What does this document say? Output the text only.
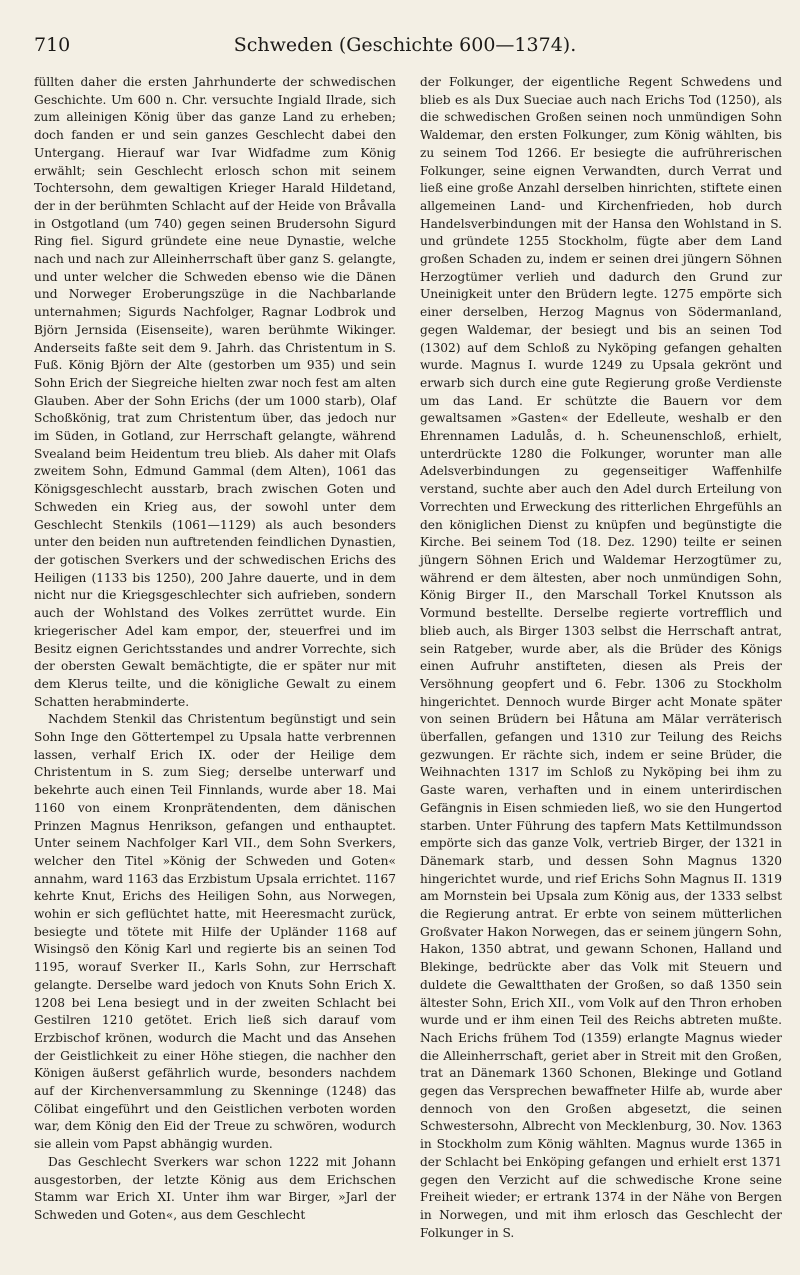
710	Schweden (Geschichte 600—1374).

füllten daher die ersten Jahrhunderte der schwedischen Geschichte. Um 600 n. Chr. versuchte Ingiald Ilrade, sich zum alleinigen König über das ganze Land zu erheben; doch fanden er und sein ganzes Geschlecht dabei den Untergang. Hierauf war Ivar Widfadme zum König erwählt; sein Geschlecht erlosch schon mit seinem Tochtersohn, dem gewaltigen Krieger Harald Hildetand, der in der berühmten Schlacht auf der Heide von Bråvalla in Ostgotland (um 740) gegen seinen Brudersohn Sigurd Ring fiel. Sigurd gründete eine neue Dynastie, welche nach und nach zur Alleinherrschaft über ganz S. gelangte, und unter welcher die Schweden ebenso wie die Dänen und Norweger Eroberungszüge in die Nachbarlande unternahmen; Sigurds Nachfolger, Ragnar Lodbrok und Björn Jernsida (Eisenseite), waren berühmte Wikinger. Anderseits faßte seit dem 9. Jahrh. das Christentum in S. Fuß. König Björn der Alte (gestorben um 935) und sein Sohn Erich der Siegreiche hielten zwar noch fest am alten Glauben. Aber der Sohn Erichs (der um 1000 starb), Olaf Schoßkönig, trat zum Christentum über, das jedoch nur im Süden, in Gotland, zur Herrschaft gelangte, während Svealand beim Heidentum treu blieb. Als daher mit Olafs zweitem Sohn, Edmund Gammal (dem Alten), 1061 das Königsgeschlecht ausstarb, brach zwischen Goten und Schweden ein Krieg aus, der sowohl unter dem Geschlecht Stenkils (1061—1129) als auch besonders unter den beiden nun auftretenden feindlichen Dynastien, der gotischen Sverkers und der schwedischen Erichs des Heiligen (1133 bis 1250), 200 Jahre dauerte, und in dem nicht nur die Kriegsgeschlechter sich aufrieben, sondern auch der Wohlstand des Volkes zerrüttet wurde. Ein kriegerischer Adel kam empor, der, steuerfrei und im Besitz eignen Gerichtsstandes und andrer Vorrechte, sich der obersten Gewalt bemächtigte, die er später nur mit dem Klerus teilte, und die königliche Gewalt zu einem Schatten herabminderte.

Nachdem Stenkil das Christentum begünstigt und sein Sohn Inge den Göttertempel zu Upsala hatte verbrennen lassen, verhalf Erich IX. oder der Heilige dem Christentum in S. zum Sieg; derselbe unterwarf und bekehrte auch einen Teil Finnlands, wurde aber 18. Mai 1160 von einem Kronprätendenten, dem dänischen Prinzen Magnus Henrikson, gefangen und enthauptet. Unter seinem Nachfolger Karl VII., dem Sohn Sverkers, welcher den Titel »König der Schweden und Goten« annahm, ward 1163 das Erzbistum Upsala errichtet. 1167 kehrte Knut, Erichs des Heiligen Sohn, aus Norwegen, wohin er sich geflüchtet hatte, mit Heeresmacht zurück, besiegte und tötete mit Hilfe der Upländer 1168 auf Wisingsö den König Karl und regierte bis an seinen Tod 1195, worauf Sverker II., Karls Sohn, zur Herrschaft gelangte. Derselbe ward jedoch von Knuts Sohn Erich X. 1208 bei Lena besiegt und in der zweiten Schlacht bei Gestilren 1210 getötet. Erich ließ sich darauf vom Erzbischof krönen, wodurch die Macht und das Ansehen der Geistlichkeit zu einer Höhe stiegen, die nachher den Königen äußerst gefährlich wurde, besonders nachdem auf der Kirchenversammlung zu Skenninge (1248) das Cölibat eingeführt und den Geistlichen verboten worden war, dem König den Eid der Treue zu schwören, wodurch sie allein vom Papst abhängig wurden.

Das Geschlecht Sverkers war schon 1222 mit Johann ausgestorben, der letzte König aus dem Erichschen Stamm war Erich XI. Unter ihm war Birger, »Jarl der Schweden und Goten«, aus dem Geschlecht

der Folkunger, der eigentliche Regent Schwedens und blieb es als Dux Sueciae auch nach Erichs Tod (1250), als die schwedischen Großen seinen noch unmündigen Sohn Waldemar, den ersten Folkunger, zum König wählten, bis zu seinem Tod 1266. Er besiegte die aufrührerischen Folkunger, seine eignen Verwandten, durch Verrat und ließ eine große Anzahl derselben hinrichten, stiftete einen allgemeinen Land- und Kirchenfrieden, hob durch Handelsverbindungen mit der Hansa den Wohlstand in S. und gründete 1255 Stockholm, fügte aber dem Land großen Schaden zu, indem er seinen drei jüngern Söhnen Herzogtümer verlieh und dadurch den Grund zur Uneinigkeit unter den Brüdern legte. 1275 empörte sich einer derselben, Herzog Magnus von Södermanland, gegen Waldemar, der besiegt und bis an seinen Tod (1302) auf dem Schloß zu Nyköping gefangen gehalten wurde. Magnus I. wurde 1249 zu Upsala gekrönt und erwarb sich durch eine gute Regierung große Verdienste um das Land. Er schützte die Bauern vor dem gewaltsamen »Gasten« der Edelleute, weshalb er den Ehrennamen Ladulås, d. h. Scheunenschloß, erhielt, unterdrückte 1280 die Folkunger, worunter man alle Adelsverbindungen zu gegenseitiger Waffenhilfe verstand, suchte aber auch den Adel durch Erteilung von Vorrechten und Erweckung des ritterlichen Ehrgefühls an den königlichen Dienst zu knüpfen und begünstigte die Kirche. Bei seinem Tod (18. Dez. 1290) teilte er seinen jüngern Söhnen Erich und Waldemar Herzogtümer zu, während er dem ältesten, aber noch unmündigen Sohn, König Birger II., den Marschall Torkel Knutsson als Vormund bestellte. Derselbe regierte vortrefflich und blieb auch, als Birger 1303 selbst die Herrschaft antrat, sein Ratgeber, wurde aber, als die Brüder des Königs einen Aufruhr anstifteten, diesen als Preis der Versöhnung geopfert und 6. Febr. 1306 zu Stockholm hingerichtet. Dennoch wurde Birger acht Monate später von seinen Brüdern bei Håtuna am Mälar verräterisch überfallen, gefangen und 1310 zur Teilung des Reichs gezwungen. Er rächte sich, indem er seine Brüder, die Weihnachten 1317 im Schloß zu Nyköping bei ihm zu Gaste waren, verhaften und in einem unterirdischen Gefängnis in Eisen schmieden ließ, wo sie den Hungertod starben. Unter Führung des tapfern Mats Kettilmundsson empörte sich das ganze Volk, vertrieb Birger, der 1321 in Dänemark starb, und dessen Sohn Magnus 1320 hingerichtet wurde, und rief Erichs Sohn Magnus II. 1319 am Mornstein bei Upsala zum König aus, der 1333 selbst die Regierung antrat. Er erbte von seinem mütterlichen Großvater Hakon Norwegen, das er seinem jüngern Sohn, Hakon, 1350 abtrat, und gewann Schonen, Halland und Blekinge, bedrückte aber das Volk mit Steuern und duldete die Gewaltthaten der Großen, so daß 1350 sein ältester Sohn, Erich XII., vom Volk auf den Thron erhoben wurde und er ihm einen Teil des Reichs abtreten mußte. Nach Erichs frühem Tod (1359) erlangte Magnus wieder die Alleinherrschaft, geriet aber in Streit mit den Großen, trat an Dänemark 1360 Schonen, Blekinge und Gotland gegen das Versprechen bewaffneter Hilfe ab, wurde aber dennoch von den Großen abgesetzt, die seinen Schwestersohn, Albrecht von Mecklenburg, 30. Nov. 1363 in Stockholm zum König wählten. Magnus wurde 1365 in der Schlacht bei Enköping gefangen und erhielt erst 1371 gegen den Verzicht auf die schwedische Krone seine Freiheit wieder; er ertrank 1374 in der Nähe von Bergen in Norwegen, und mit ihm erlosch das Geschlecht der Folkunger in S.
